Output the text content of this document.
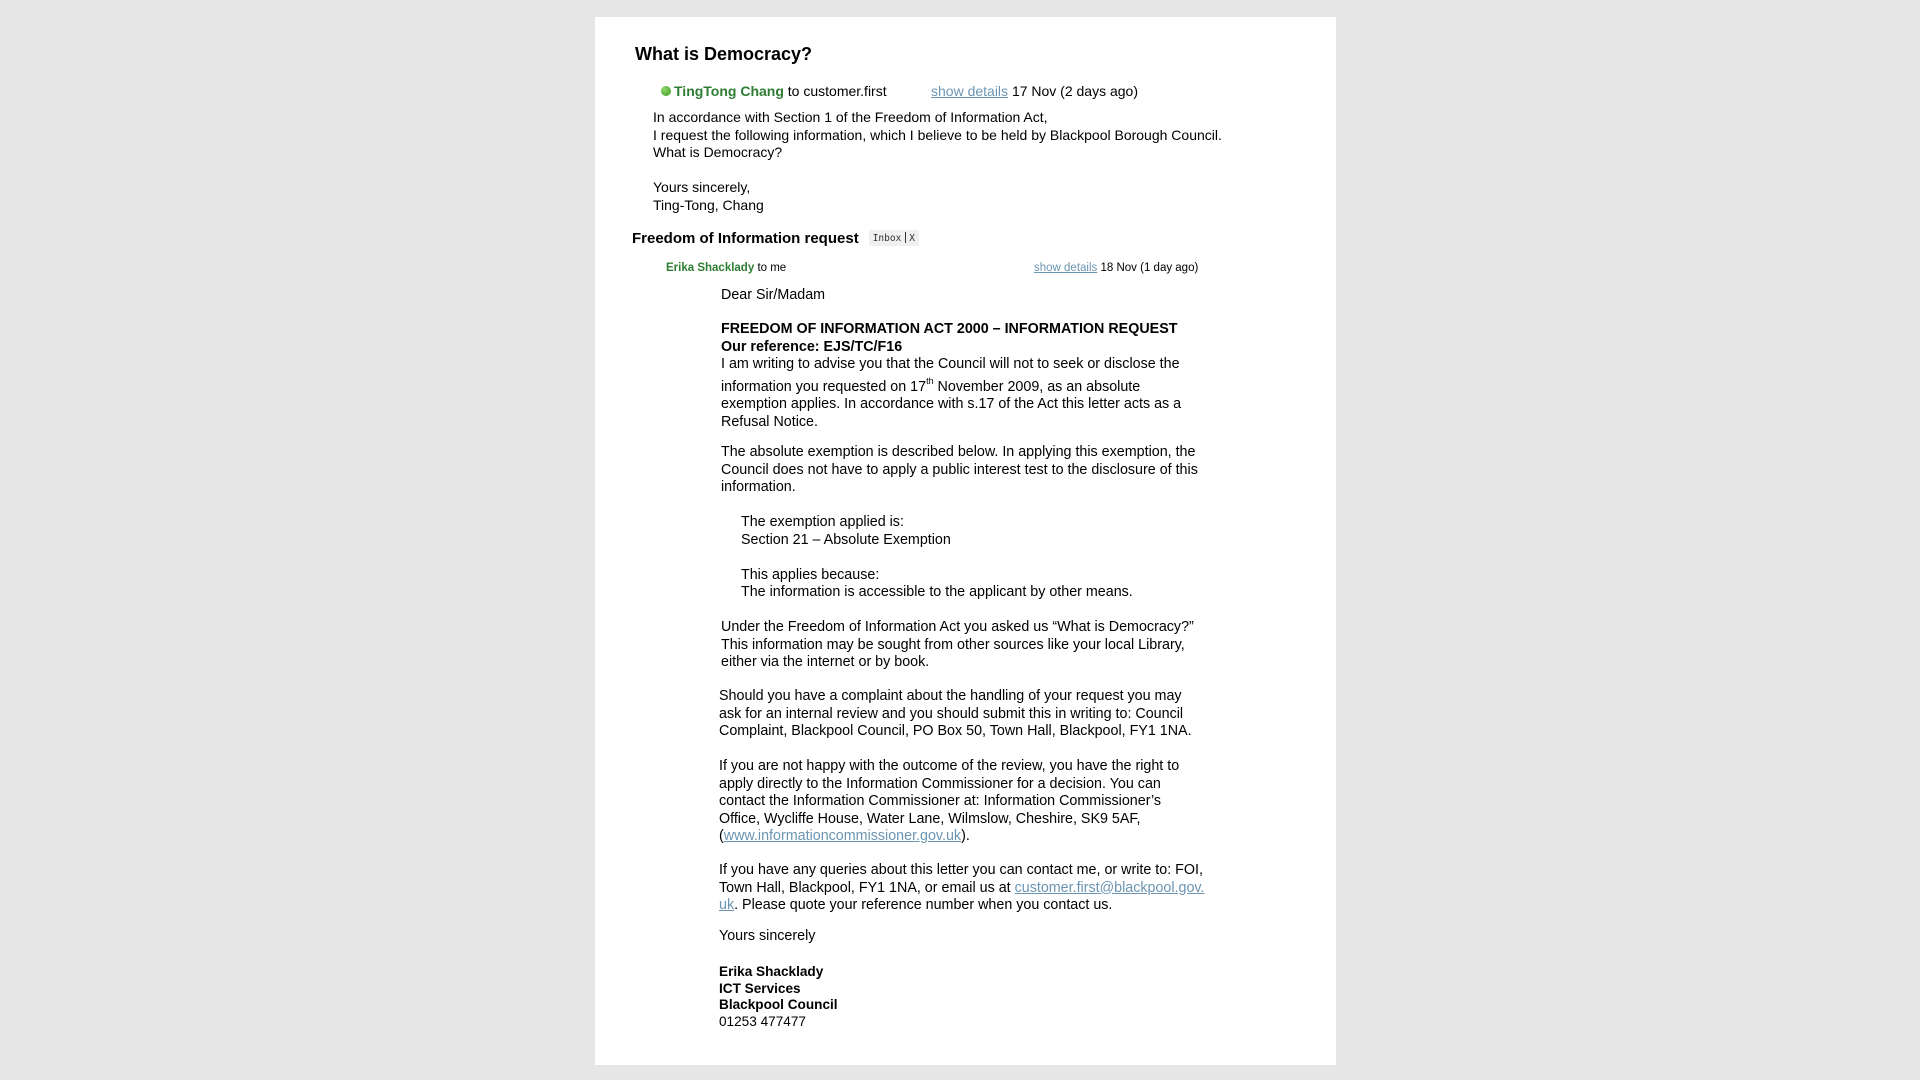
What is Democracy?
TingTong Chang to customer.first	show details 17 Nov (2 days ago)
In accordance with Section 1 of the Freedom of Information Act,
I request the following information, which I believe to be held by Blackpool Borough Council.
What is Democracy?
Yours sincerely,
Ting-Tong, Chang
Freedom of Information request Inbox X
Erika Shacklady to me	show details 18 Nov (1 day ago)
Dear Sir/Madam

FREEDOM OF INFORMATION ACT 2000 – INFORMATION REQUEST

Our reference: EJS/TC/F16

I am writing to advise you that the Council will not to seek or disclose the

information you requested on 17th November 2009, as an absolute

exemption applies. In accordance with s.17 of the Act this letter acts as a

Refusal Notice.

The absolute exemption is described below. In applying this exemption, the

Council does not have to apply a public interest test to the disclosure of this

information.

The exemption applied is:

Section 21 – Absolute Exemption

This applies because:

The information is accessible to the applicant by other means.

Under the Freedom of Information Act you asked us “What is Democracy?”

This information may be sought from other sources like your local Library,

either via the internet or by book.

Should you have a complaint about the handling of your request you may

ask for an internal review and you should submit this in writing to: Council

Complaint, Blackpool Council, PO Box 50, Town Hall, Blackpool, FY1 1NA.

If you are not happy with the outcome of the review, you have the right to

apply directly to the Information Commissioner for a decision. You can

contact the Information Commissioner at: Information Commissioner’s

Office, Wycliffe House, Water Lane, Wilmslow, Cheshire, SK9 5AF,

(www.informationcommissioner.gov.uk).

If you have any queries about this letter you can contact me, or write to: FOI,

Town Hall, Blackpool, FY1 1NA, or email us at customer.first@blackpool.gov.

uk. Please quote your reference number when you contact us.

Yours sincerely

Erika Shacklady

ICT Services

Blackpool Council

01253 477477
